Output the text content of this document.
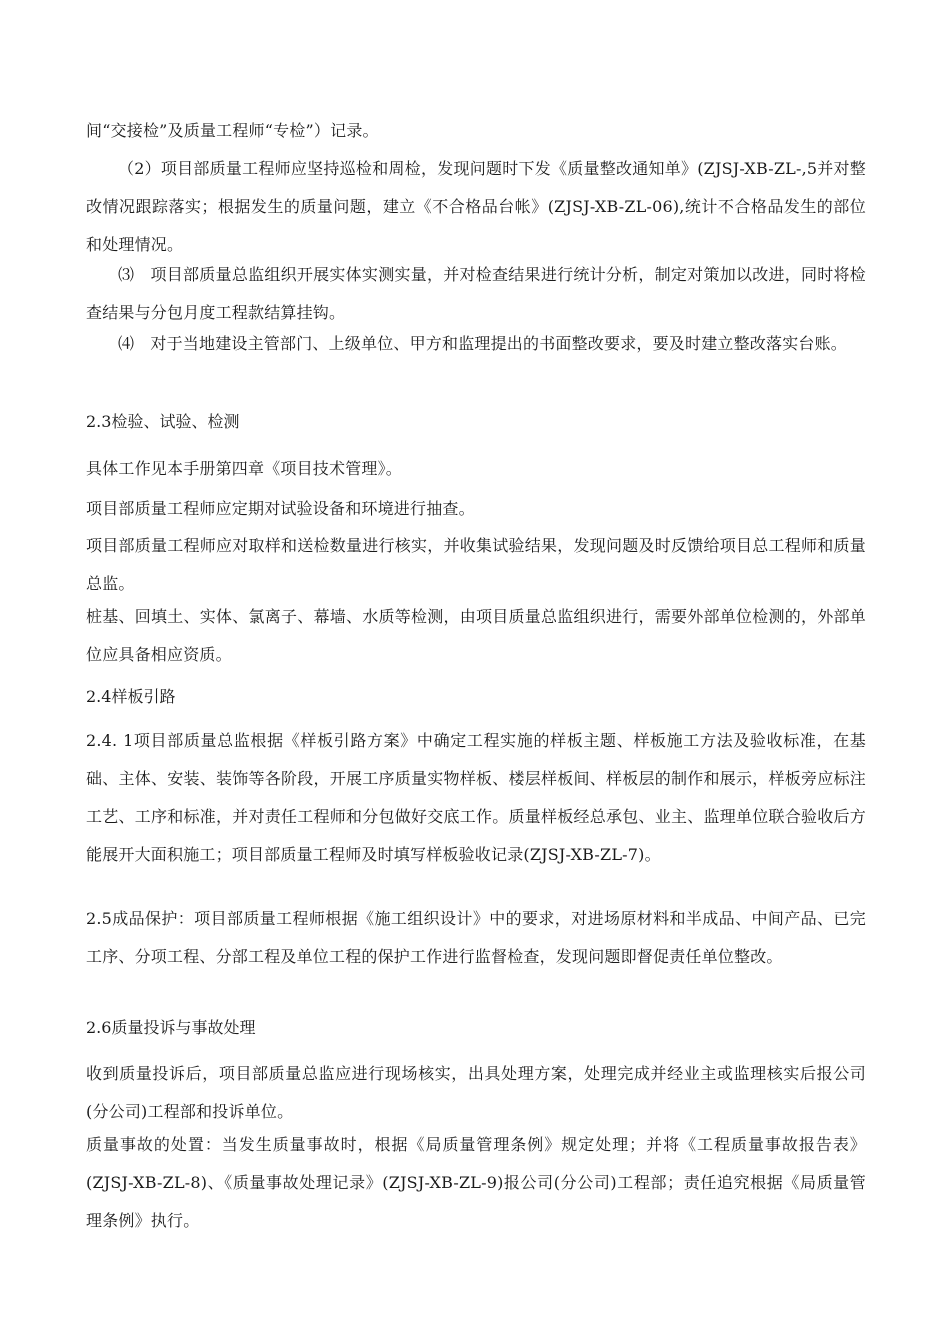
间“交接检”及质量工程师“专检”）记录。
（2）项目部质量工程师应坚持巡检和周检，发现问题时下发《质量整改通知单》(ZJSJ-XB-ZL-,5并对整改情况跟踪落实；根据发生的质量问题，建立《不合格品台帐》(ZJSJ-XB-ZL-06),统计不合格品发生的部位和处理情况。
⑶　项目部质量总监组织开展实体实测实量，并对检查结果进行统计分析，制定对策加以改进，同时将检查结果与分包月度工程款结算挂钩。
⑷　对于当地建设主管部门、上级单位、甲方和监理提出的书面整改要求，要及时建立整改落实台账。
2.3检验、试验、检测
具体工作见本手册第四章《项目技术管理》。
项目部质量工程师应定期对试验设备和环境进行抽查。
项目部质量工程师应对取样和送检数量进行核实，并收集试验结果，发现问题及时反馈给项目总工程师和质量总监。
桩基、回填土、实体、氯离子、幕墙、水质等检测，由项目质量总监组织进行，需要外部单位检测的，外部单位应具备相应资质。
2.4样板引路
2.4. 1项目部质量总监根据《样板引路方案》中确定工程实施的样板主题、样板施工方法及验收标准，在基础、主体、安装、装饰等各阶段，开展工序质量实物样板、楼层样板间、样板层的制作和展示，样板旁应标注工艺、工序和标准，并对责任工程师和分包做好交底工作。质量样板经总承包、业主、监理单位联合验收后方能展开大面积施工；项目部质量工程师及时填写样板验收记录(ZJSJ-XB-ZL-7)。
2.5成品保护：项目部质量工程师根据《施工组织设计》中的要求，对进场原材料和半成品、中间产品、已完工序、分项工程、分部工程及单位工程的保护工作进行监督检查，发现问题即督促责任单位整改。
2.6质量投诉与事故处理
收到质量投诉后，项目部质量总监应进行现场核实，出具处理方案，处理完成并经业主或监理核实后报公司(分公司)工程部和投诉单位。
质量事故的处置：当发生质量事故时，根据《局质量管理条例》规定处理；并将《工程质量事故报告表》(ZJSJ-XB-ZL-8)、《质量事故处理记录》(ZJSJ-XB-ZL-9)报公司(分公司)工程部；责任追究根据《局质量管理条例》执行。
